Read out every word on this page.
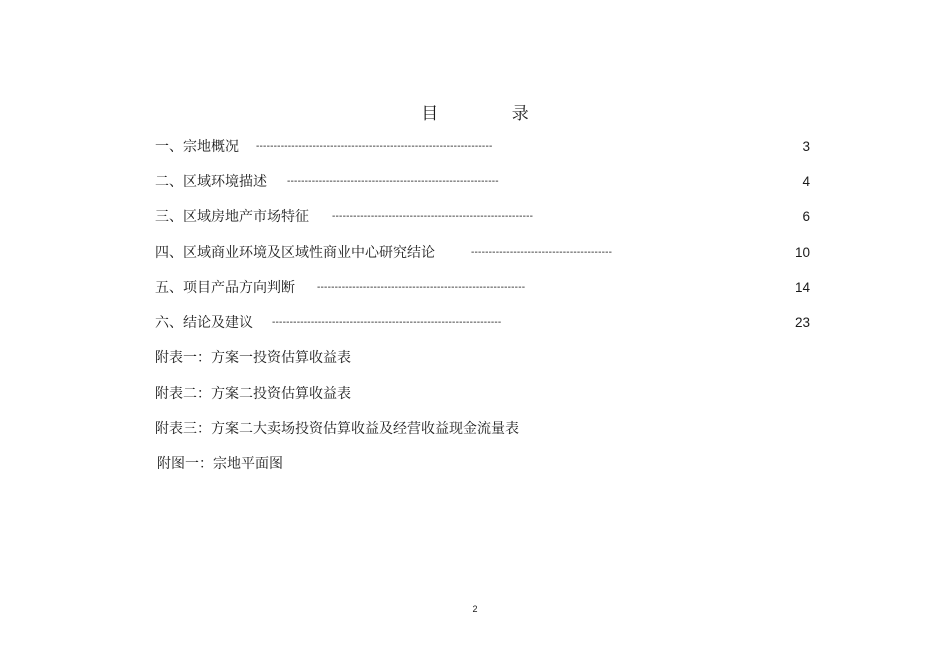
目 录
一、宗地概况 -------------------------------------------------------------------	3
二、区域环境描述 ------------------------------------------------------------	4
三、区域房地产市场特征 ---------------------------------------------------------	6
四、区域商业环境及区域性商业中心研究结论	----------------------------------------	10
五、项目产品方向判断 -----------------------------------------------------------	14
六、结论及建议 -----------------------------------------------------------------	23
附表一：方案一投资估算收益表
附表二：方案二投资估算收益表
附表三：方案二大卖场投资估算收益及经营收益现金流量表
附图一：宗地平面图
2
